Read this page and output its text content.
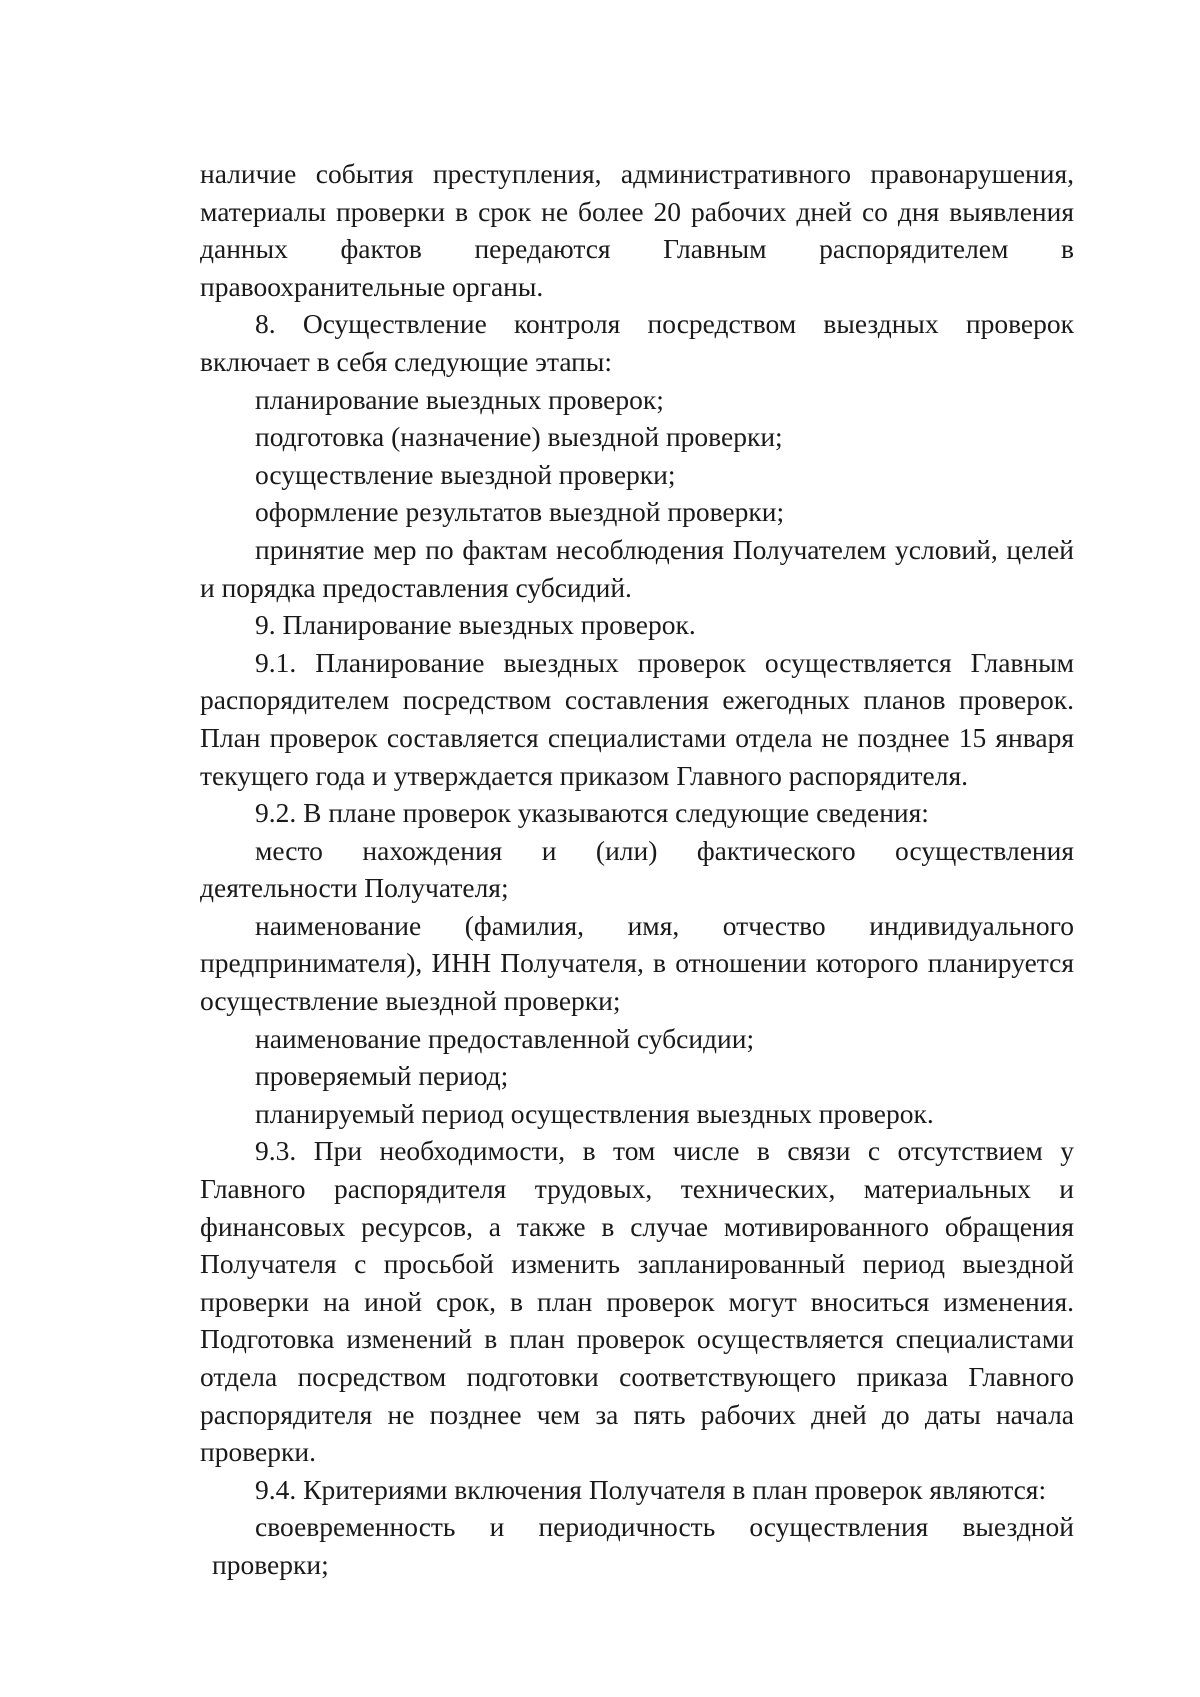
наличие события преступления, административного правонарушения, материалы проверки в срок не более 20 рабочих дней со дня выявления данных фактов передаются Главным распорядителем в правоохранительные органы.

8. Осуществление контроля посредством выездных проверок включает в себя следующие этапы:

планирование выездных проверок;

подготовка (назначение) выездной проверки;

осуществление выездной проверки;

оформление результатов выездной проверки;

принятие мер по фактам несоблюдения Получателем условий, целей и порядка предоставления субсидий.

9. Планирование выездных проверок.

9.1. Планирование выездных проверок осуществляется Главным распорядителем посредством составления ежегодных планов проверок. План проверок составляется специалистами отдела не позднее 15 января текущего года и утверждается приказом Главного распорядителя.

9.2. В плане проверок указываются следующие сведения:

место нахождения и (или) фактического осуществления деятельности Получателя;

наименование (фамилия, имя, отчество индивидуального предпринимателя), ИНН Получателя, в отношении которого планируется осуществление выездной проверки;

наименование предоставленной субсидии;

проверяемый период;

планируемый период осуществления выездных проверок.

9.3. При необходимости, в том числе в связи с отсутствием у Главного распорядителя трудовых, технических, материальных и финансовых ресурсов, а также в случае мотивированного обращения Получателя с просьбой изменить запланированный период выездной проверки на иной срок, в план проверок могут вноситься изменения. Подготовка изменений в план проверок осуществляется специалистами отдела посредством подготовки соответствующего приказа Главного распорядителя не позднее чем за пять рабочих дней до даты начала проверки.

9.4. Критериями включения Получателя в план проверок являются:

своевременность и периодичность осуществления выездной

проверки;
